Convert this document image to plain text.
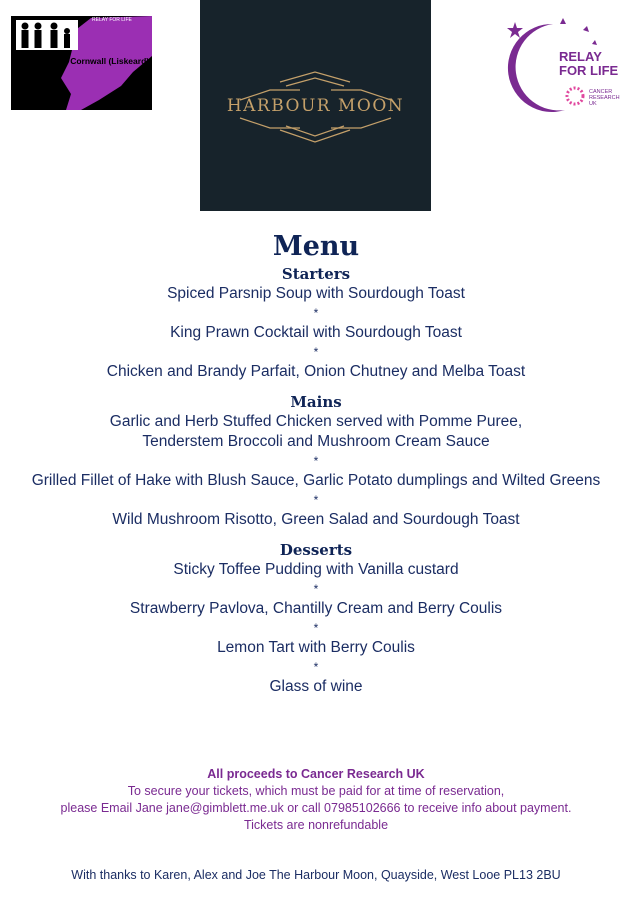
RELAY FOR LIFE
Relay for Life Cornwall (Liskeard)
HARBOUR MOON
RELAY
FOR LIFE
CANCER
RESEARCH
UK
Menu
Starters
Spiced Parsnip Soup with Sourdough Toast
*
King Prawn Cocktail with Sourdough Toast
*
Chicken and Brandy Parfait, Onion Chutney and Melba Toast
Mains
Garlic and Herb Stuffed Chicken served with Pomme Puree,
Tenderstem Broccoli and Mushroom Cream Sauce
*
Grilled Fillet of Hake with Blush Sauce, Garlic Potato dumplings and Wilted Greens
*
Wild Mushroom Risotto, Green Salad and Sourdough Toast
Desserts
Sticky Toffee Pudding with Vanilla custard
*
Strawberry Pavlova, Chantilly Cream and Berry Coulis
*
Lemon Tart with Berry Coulis
*
Glass of wine
All proceeds to Cancer Research UK
To secure your tickets, which must be paid for at time of reservation,
please Email Jane jane@gimblett.me.uk or call 07985102666 to receive info about payment.
Tickets are nonrefundable
With thanks to Karen, Alex and Joe The Harbour Moon, Quayside, West Looe PL13 2BU
